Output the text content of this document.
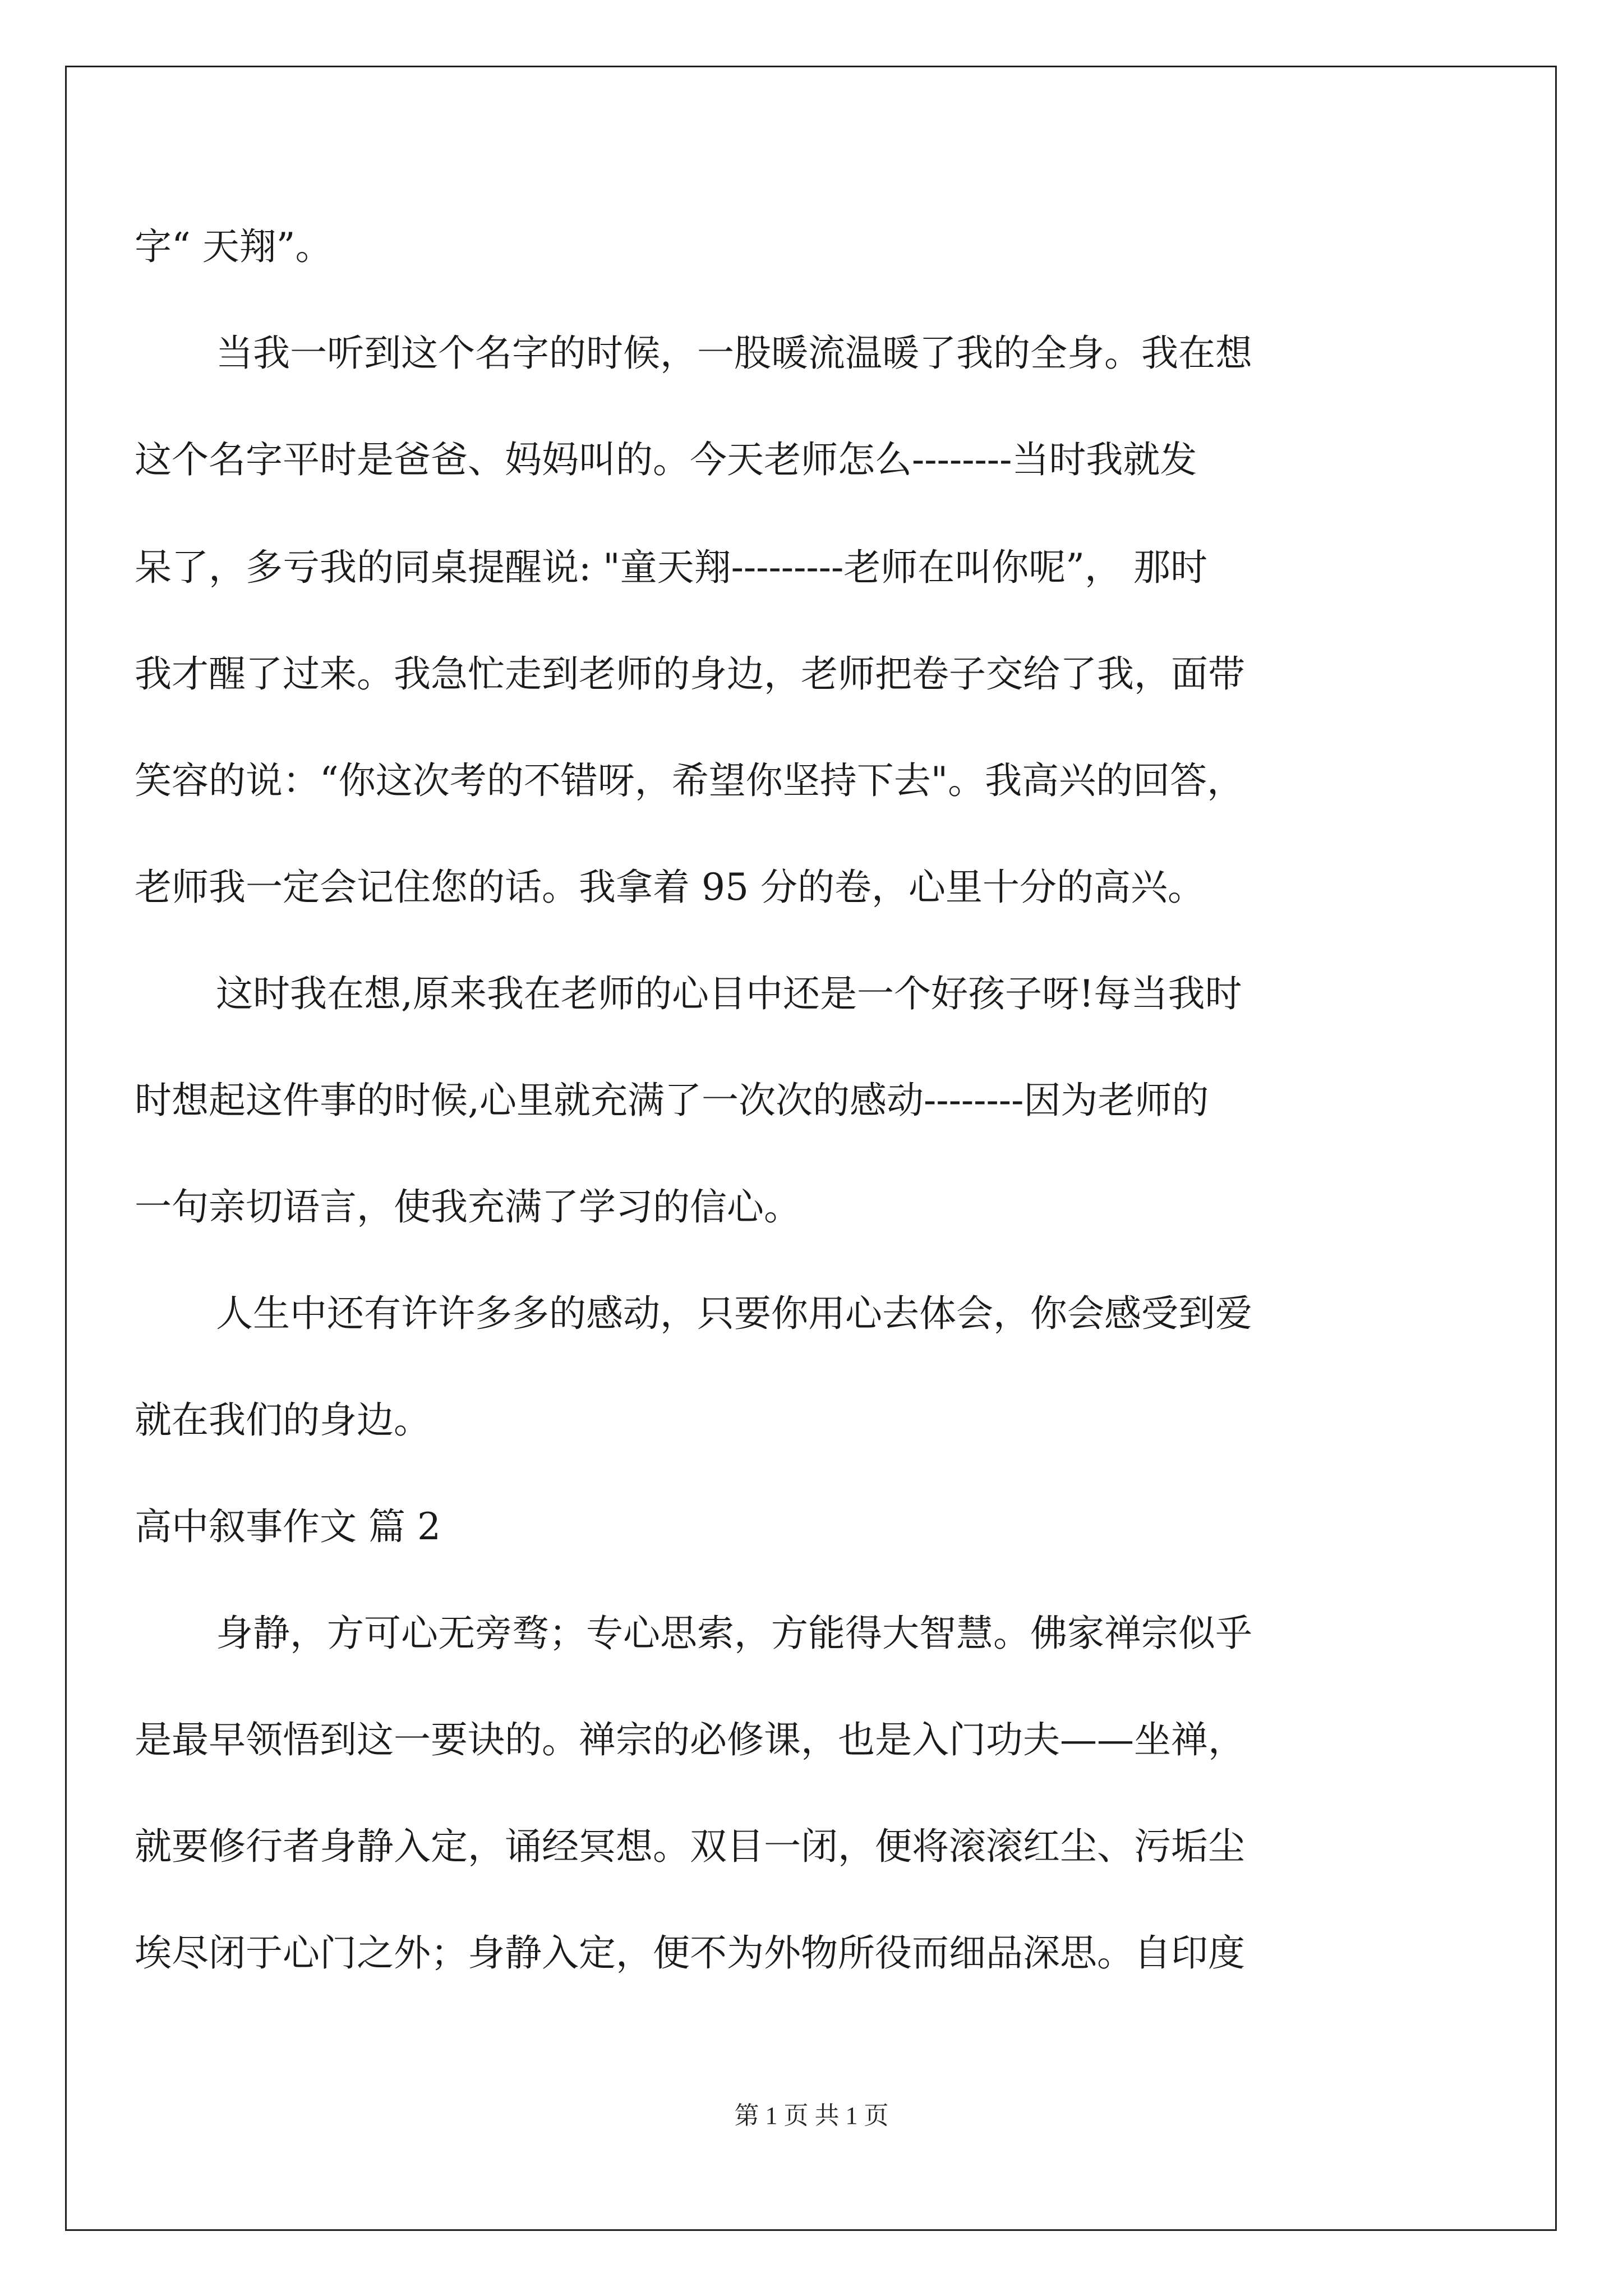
字“ 天翔”。
当我一听到这个名字的时候，一股暖流温暖了我的全身。我在想
这个名字平时是爸爸、妈妈叫的。今天老师怎么--------当时我就发
呆了，多亏我的同桌提醒说: "童天翔---------老师在叫你呢”， 那时
我才醒了过来。我急忙走到老师的身边，老师把卷子交给了我，面带
笑容的说：“你这次考的不错呀，希望你坚持下去"。我高兴的回答，
老师我一定会记住您的话。我拿着 95 分的卷，心里十分的高兴。
这时我在想,原来我在老师的心目中还是一个好孩子呀!每当我时
时想起这件事的时候,心里就充满了一次次的感动--------因为老师的
一句亲切语言，使我充满了学习的信心。
人生中还有许许多多的感动，只要你用心去体会，你会感受到爱
就在我们的身边。
高中叙事作文 篇 2
身静，方可心无旁骛；专心思索，方能得大智慧。佛家禅宗似乎
是最早领悟到这一要诀的。禅宗的必修课，也是入门功夫——坐禅，
就要修行者身静入定，诵经冥想。双目一闭，便将滚滚红尘、污垢尘
埃尽闭于心门之外；身静入定，便不为外物所役而细品深思。自印度
第 1 页 共 1 页
